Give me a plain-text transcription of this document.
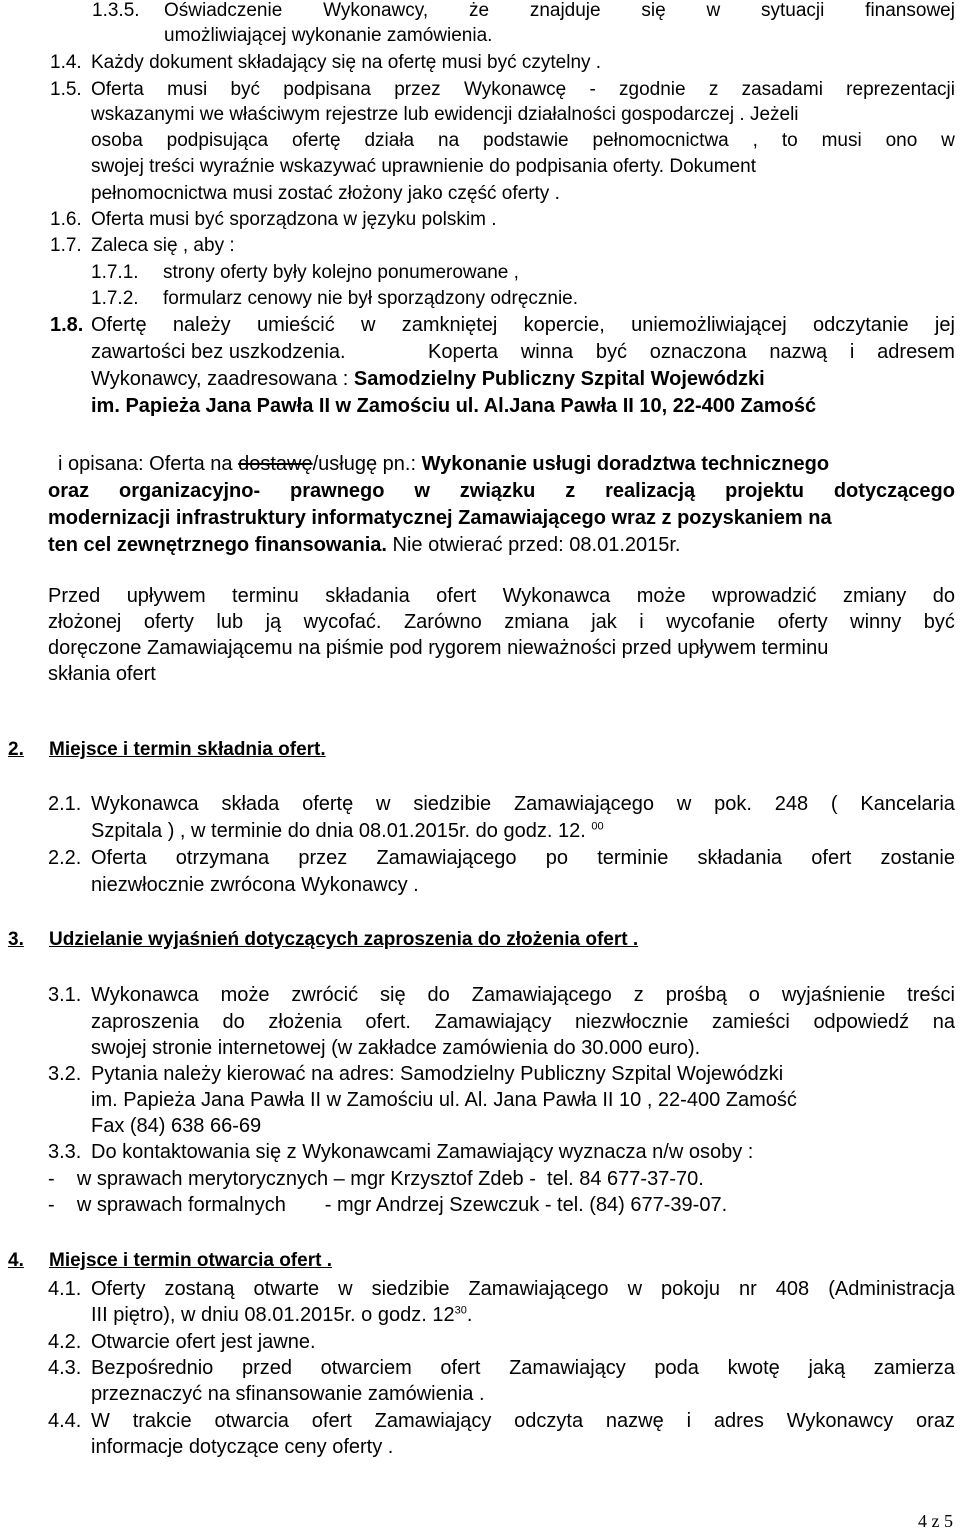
1.3.5. Oświadczenie Wykonawcy, że znajduje się w sytuacji finansowej
umożliwiającej wykonanie zamówienia.
1.4. Każdy dokument składający się na ofertę musi być czytelny .
1.5. Oferta musi być podpisana przez Wykonawcę - zgodnie z zasadami reprezentacji
wskazanymi we właściwym rejestrze lub ewidencji działalności gospodarczej . Jeżeli
osoba podpisująca ofertę działa na podstawie pełnomocnictwa , to musi ono w
swojej treści wyraźnie wskazywać uprawnienie do podpisania oferty. Dokument
pełnomocnictwa musi zostać złożony jako część oferty .
1.6. Oferta musi być sporządzona w języku polskim .
1.7. Zaleca się , aby :
1.7.1. strony oferty były kolejno ponumerowane ,
1.7.2. formularz cenowy nie był sporządzony odręcznie.
1.8. Ofertę należy umieścić w zamkniętej kopercie, uniemożliwiającej odczytanie jej
zawartości bez uszkodzenia.	Koperta winna być oznaczona nazwą i adresem
Wykonawcy, zaadresowana : Samodzielny Publiczny Szpital Wojewódzki
im. Papieża Jana Pawła II w Zamościu ul. Al.Jana Pawła II 10, 22-400 Zamość
i opisana: Oferta na dostawę/usługę pn.: Wykonanie usługi doradztwa technicznego
oraz organizacyjno- prawnego w związku z realizacją projektu dotyczącego
modernizacji infrastruktury informatycznej Zamawiającego wraz z pozyskaniem na
ten cel zewnętrznego finansowania. Nie otwierać przed: 08.01.2015r.
Przed upływem terminu składania ofert Wykonawca może wprowadzić zmiany do
złożonej oferty lub ją wycofać. Zarówno zmiana jak i wycofanie oferty winny być
doręczone Zamawiającemu na piśmie pod rygorem nieważności przed upływem terminu
skłania ofert
2. Miejsce i termin składnia ofert.
2.1. Wykonawca składa ofertę w siedzibie Zamawiającego w pok. 248 ( Kancelaria
Szpitala ) , w terminie do dnia 08.01.2015r. do godz. 12. $^{00}$
2.2. Oferta otrzymana przez Zamawiającego po terminie składania ofert zostanie
niezwłocznie zwrócona Wykonawcy .
3. Udzielanie wyjaśnień dotyczących zaproszenia do złożenia ofert .
3.1. Wykonawca może zwrócić się do Zamawiającego z prośbą o wyjaśnienie treści
zaproszenia do złożenia ofert. Zamawiający niezwłocznie zamieści odpowiedź na
swojej stronie internetowej (w zakładce zamówienia do 30.000 euro).
3.2. Pytania należy kierować na adres: Samodzielny Publiczny Szpital Wojewódzki
im. Papieża Jana Pawła II w Zamościu ul. Al. Jana Pawła II 10 , 22-400 Zamość
Fax (84) 638 66-69
3.3. Do kontaktowania się z Wykonawcami Zamawiający wyznacza n/w osoby :
-    w sprawach merytorycznych – mgr Krzysztof Zdeb -  tel. 84 677-37-70.
-    w sprawach formalnych       - mgr Andrzej Szewczuk - tel. (84) 677-39-07.
4. Miejsce i termin otwarcia ofert .
4.1. Oferty zostaną otwarte w siedzibie Zamawiającego w pokoju nr 408 (Administracja
III piętro), w dniu 08.01.2015r. o godz. $12^{30}$.
4.2. Otwarcie ofert jest jawne.
4.3. Bezpośrednio przed otwarciem ofert Zamawiający poda kwotę jaką zamierza
przeznaczyć na sfinansowanie zamówienia .
4.4. W trakcie otwarcia ofert Zamawiający odczyta nazwę i adres Wykonawcy oraz
informacje dotyczące ceny oferty .
4 z 5
